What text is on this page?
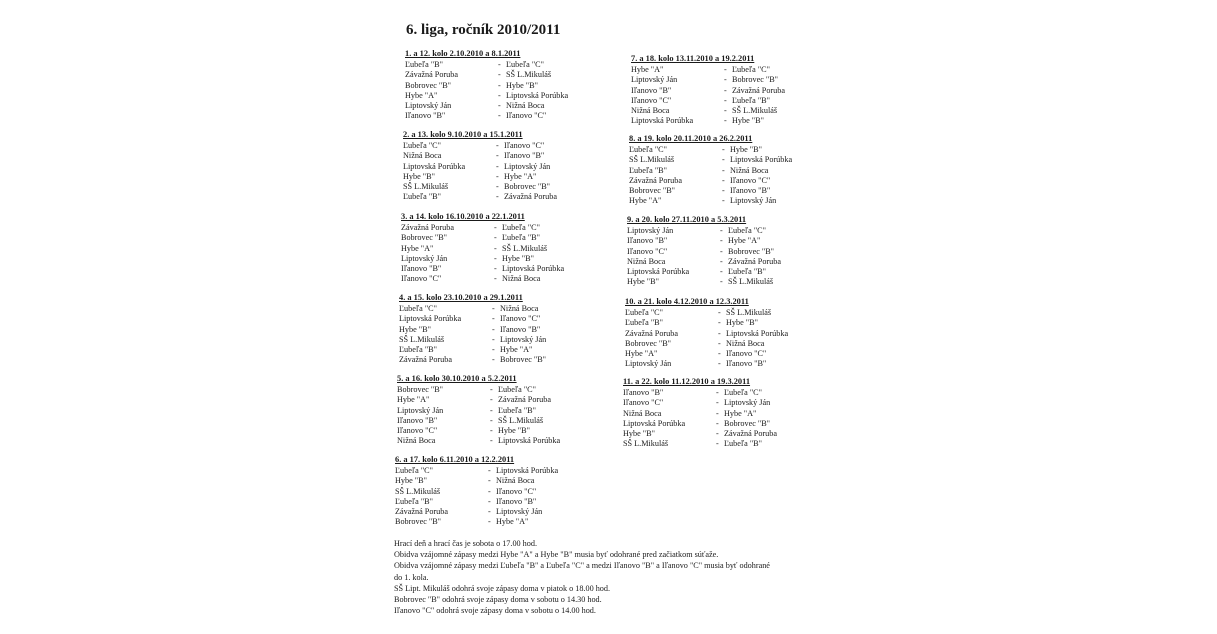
6. liga, ročník 2010/2011
1. a 12. kolo 2.10.2010 a 8.1.2011
Ľubeľa "B"	- Ľubeľa "C"
Závažná Poruba	- SŠ L.Mikuláš
Bobrovec "B"	- Hybe "B"
Hybe "A"	- Liptovská Porúbka
Liptovský Ján	- Nižná Boca
Iľanovo "B"	- Iľanovo "C"
2. a 13. kolo 9.10.2010 a 15.1.2011
Ľubeľa "C"	- Iľanovo "C"
Nižná Boca	- Iľanovo "B"
Liptovská Porúbka	- Liptovský Ján
Hybe "B"	- Hybe "A"
SŠ L.Mikuláš	- Bobrovec "B"
Ľubeľa "B"	- Závažná Poruba
3. a 14. kolo 16.10.2010 a 22.1.2011
Závažná Poruba	- Ľubeľa "C"
Bobrovec "B"	- Ľubeľa "B"
Hybe "A"	- SŠ L.Mikuláš
Liptovský Ján	- Hybe "B"
Iľanovo "B"	- Liptovská Porúbka
Iľanovo "C"	- Nižná Boca
4. a 15. kolo 23.10.2010 a 29.1.2011
Ľubeľa "C"	- Nižná Boca
Liptovská Porúbka	- Iľanovo "C"
Hybe "B"	- Iľanovo "B"
SŠ L.Mikuláš	- Liptovský Ján
Ľubeľa "B"	- Hybe "A"
Závažná Poruba	- Bobrovec "B"
5. a 16. kolo 30.10.2010 a 5.2.2011
Bobrovec "B"	- Ľubeľa "C"
Hybe "A"	- Závažná Poruba
Liptovský Ján	- Ľubeľa "B"
Iľanovo "B"	- SŠ L.Mikuláš
Iľanovo "C"	- Hybe "B"
Nižná Boca	- Liptovská Porúbka
6. a 17. kolo 6.11.2010 a 12.2.2011
Ľubeľa "C"	- Liptovská Porúbka
Hybe "B"	- Nižná Boca
SŠ L.Mikuláš	- Iľanovo "C"
Ľubeľa "B"	- Iľanovo "B"
Závažná Poruba	- Liptovský Ján
Bobrovec "B"	- Hybe "A"
7. a 18. kolo 13.11.2010 a 19.2.2011
Hybe "A"	- Ľubeľa "C"
Liptovský Ján	- Bobrovec "B"
Iľanovo "B"	- Závažná Poruba
Iľanovo "C"	- Ľubeľa "B"
Nižná Boca	- SŠ L.Mikuláš
Liptovská Porúbka	- Hybe "B"
8. a 19. kolo 20.11.2010 a 26.2.2011
Ľubeľa "C"	- Hybe "B"
SŠ L.Mikuláš	- Liptovská Porúbka
Ľubeľa "B"	- Nižná Boca
Závažná Poruba	- Iľanovo "C"
Bobrovec "B"	- Iľanovo "B"
Hybe "A"	- Liptovský Ján
9. a 20. kolo 27.11.2010 a 5.3.2011
Liptovský Ján	- Ľubeľa "C"
Iľanovo "B"	- Hybe "A"
Iľanovo "C"	- Bobrovec "B"
Nižná Boca	- Závažná Poruba
Liptovská Porúbka	- Ľubeľa "B"
Hybe "B"	- SŠ L.Mikuláš
10. a 21. kolo 4.12.2010 a 12.3.2011
Ľubeľa "C"	- SŠ L.Mikuláš
Ľubeľa "B"	- Hybe "B"
Závažná Poruba	- Liptovská Porúbka
Bobrovec "B"	- Nižná Boca
Hybe "A"	- Iľanovo "C"
Liptovský Ján	- Iľanovo "B"
11. a 22. kolo 11.12.2010 a 19.3.2011
Iľanovo "B"	- Ľubeľa "C"
Iľanovo "C"	- Liptovský Ján
Nižná Boca	- Hybe "A"
Liptovská Porúbka	- Bobrovec "B"
Hybe "B"	- Závažná Poruba
SŠ L.Mikuláš	- Ľubeľa "B"
Hrací deň a hrací čas je sobota o 17.00 hod.
Obidva vzájomné zápasy medzi Hybe "A" a Hybe "B" musia byť odohrané pred začiatkom súťaže.
Obidva vzájomné zápasy medzi Ľubeľa "B" a Ľubeľa "C" a medzi Iľanovo "B" a Iľanovo "C" musia byť odohrané
do 1. kola.
SŠ Lipt. Mikuláš odohrá svoje zápasy doma v piatok o 18.00 hod.
Bobrovec "B" odohrá svoje zápasy doma v sobotu o 14.30 hod.
Iľanovo "C" odohrá svoje zápasy doma v sobotu o 14.00 hod.
